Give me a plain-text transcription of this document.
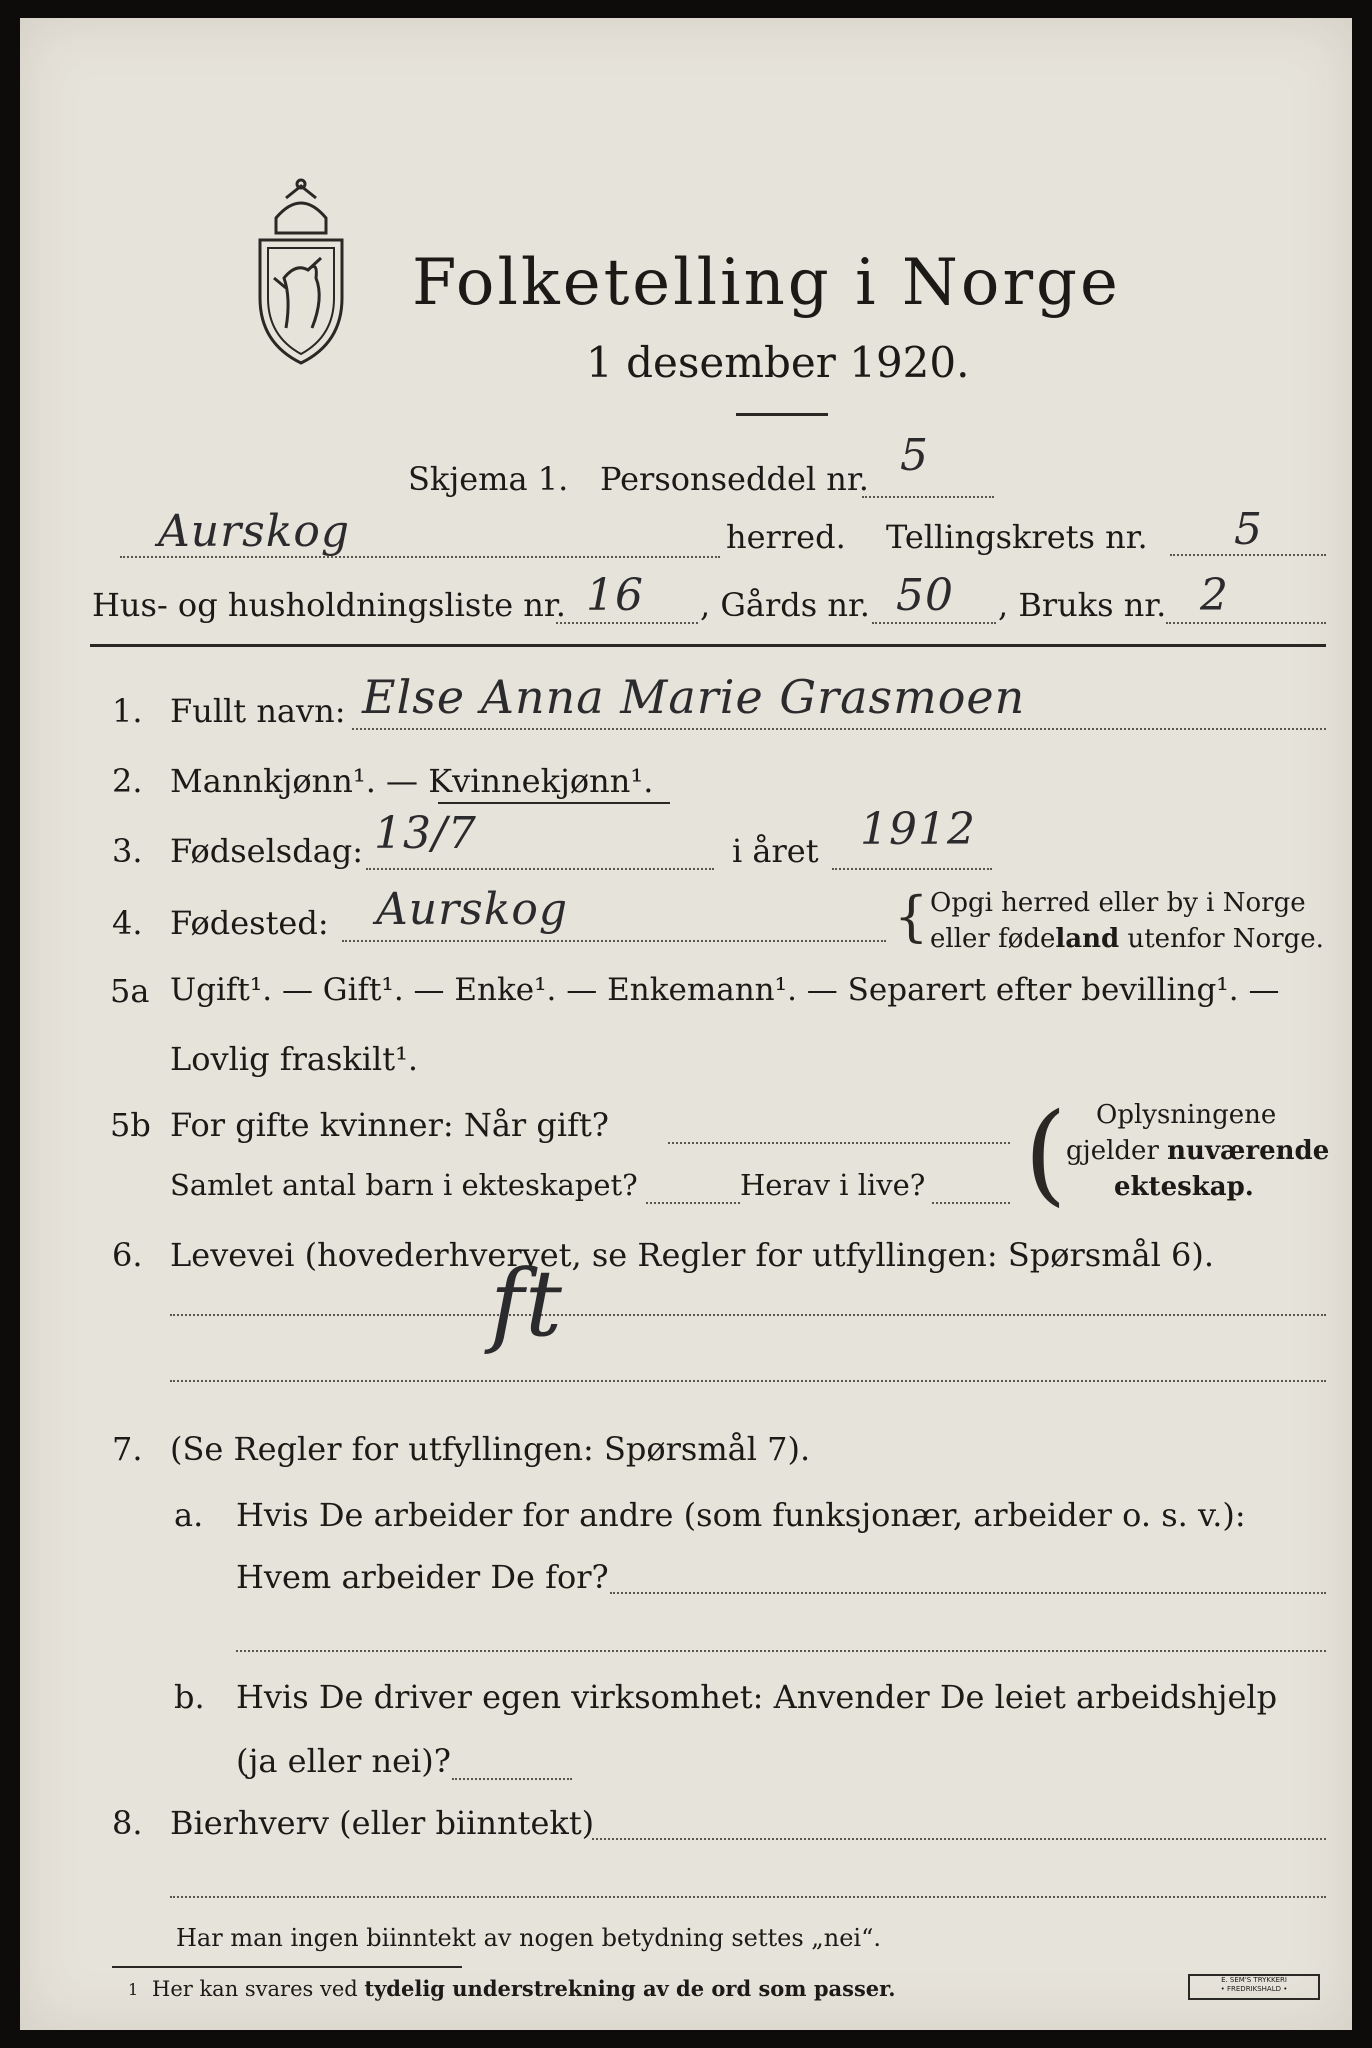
Folketelling i Norge
1 desember 1920.
Skjema 1. Personseddel nr. 5
Aurskog	herred. Tellingskrets nr. 5
Hus- og husholdningsliste nr. 16 , Gårds nr. 50 , Bruks nr. 2
1. Fullt navn: Else Anna Marie Grasmoen
2. Mannkjønn¹. — Kvinnekjønn¹.
3. Fødselsdag: 13/7	i året 1912
4. Fødested: Aurskog	{ Opgi herred eller by i Norge
eller fødeland utenfor Norge.
5a Ugift¹. — Gift¹. — Enke¹. — Enkemann¹. — Separert efter bevilling¹. —
Lovlig fraskilt¹.
5b For gifte kvinner: Når gift?
Samlet antal barn i ekteskapet?	Herav i live? ( Oplysningene
gjelder nuværende
ekteskap.
6. Levevei (hovederhvervet, se Regler for utfyllingen: Spørsmål 6).
ft
7. (Se Regler for utfyllingen: Spørsmål 7).
a. Hvis De arbeider for andre (som funksjonær, arbeider o. s. v.):
Hvem arbeider De for?
b. Hvis De driver egen virksomhet: Anvender De leiet arbeidshjelp
(ja eller nei)?
8. Bierhverv (eller biinntekt)
Har man ingen biinntekt av nogen betydning settes „nei“.
1 Her kan svares ved tydelig understrekning av de ord som passer.	E. SEM'S TRYKKERI
• FREDRIKSHALD •
